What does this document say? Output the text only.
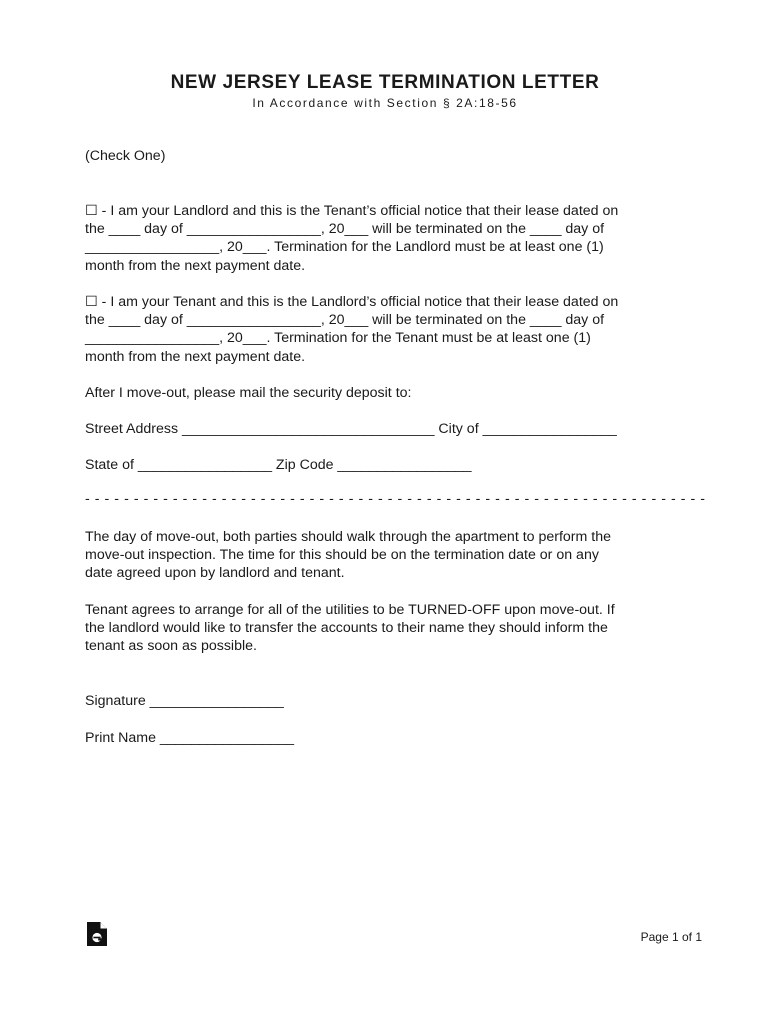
NEW JERSEY LEASE TERMINATION LETTER
In Accordance with Section § 2A:18-56
(Check One)
☐ - I am your Landlord and this is the Tenant’s official notice that their lease dated on
the ____ day of _________________, 20___ will be terminated on the ____ day of
_________________, 20___. Termination for the Landlord must be at least one (1)
month from the next payment date.
☐ - I am your Tenant and this is the Landlord’s official notice that their lease dated on
the ____ day of _________________, 20___ will be terminated on the ____ day of
_________________, 20___. Termination for the Tenant must be at least one (1)
month from the next payment date.
After I move-out, please mail the security deposit to:
Street Address ________________________________ City of _________________
State of _________________ Zip Code _________________
- - - - - - - - - - - - - - - - - - - - - - - - - - - - - - - - - - - - - - - - - - - - - - - - - - - - - - - - - - - - - - - -
The day of move-out, both parties should walk through the apartment to perform the
move-out inspection. The time for this should be on the termination date or on any
date agreed upon by landlord and tenant.
Tenant agrees to arrange for all of the utilities to be TURNED-OFF upon move-out. If
the landlord would like to transfer the accounts to their name they should inform the
tenant as soon as possible.
Signature _________________
Print Name _________________
Page 1 of 1
